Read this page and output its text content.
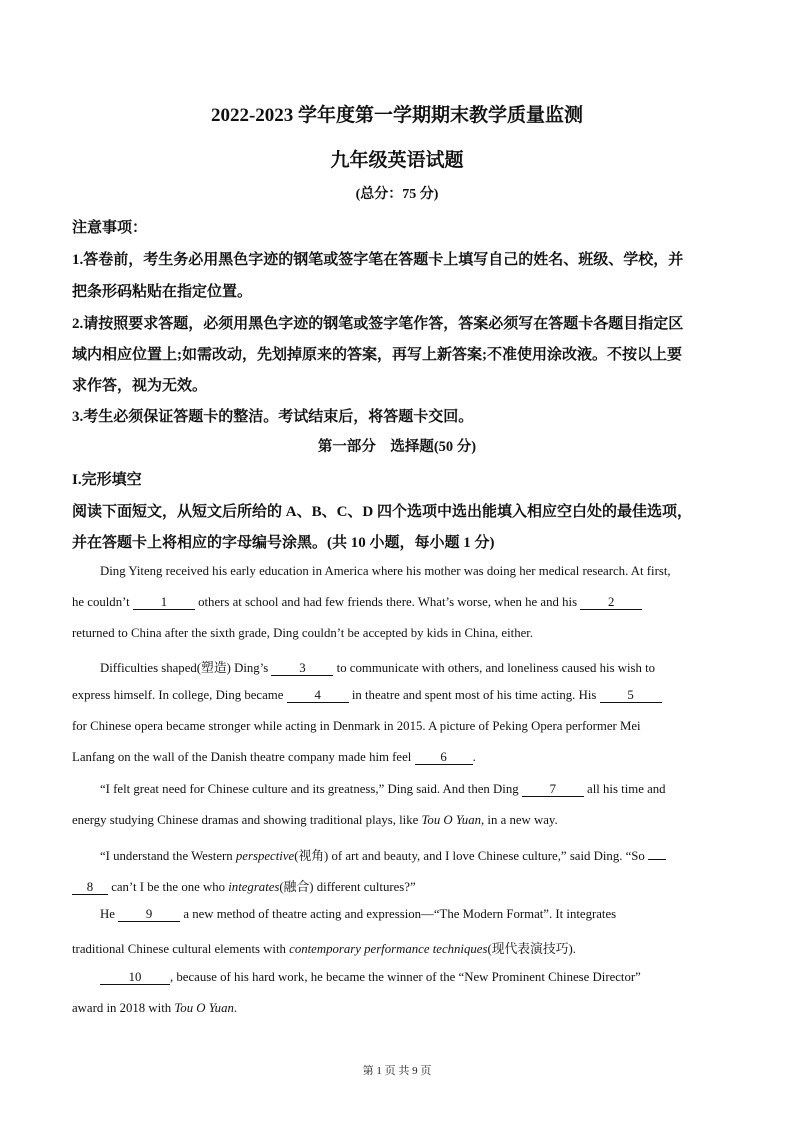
2022-2023 学年度第一学期期末教学质量监测
九年级英语试题
(总分：75 分)
注意事项：
1.答卷前，考生务必用黑色字迹的钢笔或签字笔在答题卡上填写自己的姓名、班级、学校，并
把条形码粘贴在指定位置。
2.请按照要求答题，必须用黑色字迹的钢笔或签字笔作答，答案必须写在答题卡各题目指定区
域内相应位置上;如需改动，先划掉原来的答案，再写上新答案;不准使用涂改液。不按以上要
求作答，视为无效。
3.考生必须保证答题卡的整洁。考试结束后，将答题卡交回。
第一部分　选择题(50 分)
I.完形填空
阅读下面短文，从短文后所给的 A、B、C、D 四个选项中选出能填入相应空白处的最佳选项，
并在答题卡上将相应的字母编号涂黑。(共 10 小题，每小题 1 分)
Ding Yiteng received his early education in America where his mother was doing her medical research. At first,
he couldn’t 1 others at school and had few friends there. What’s worse, when he and his 2
returned to China after the sixth grade, Ding couldn’t be accepted by kids in China, either.
Difficulties shaped(塑造) Ding’s 3 to communicate with others, and loneliness caused his wish to
express himself. In college, Ding became 4 in theatre and spent most of his time acting. His 5
for Chinese opera became stronger while acting in Denmark in 2015. A picture of Peking Opera performer Mei
Lanfang on the wall of the Danish theatre company made him feel 6 .
“I felt great need for Chinese culture and its greatness,” Ding said. And then Ding 7 all his time and
energy studying Chinese dramas and showing traditional plays, like Tou O Yuan, in a new way.
“I understand the Western perspective(视角) of art and beauty, and I love Chinese culture,” said Ding. “So
8 can’t I be the one who integrates(融合) different cultures?”
He 9 a new method of theatre acting and expression—“The Modern Format”. It integrates
traditional Chinese cultural elements with contemporary performance techniques(现代表演技巧).
10 , because of his hard work, he became the winner of the “New Prominent Chinese Director”
award in 2018 with Tou O Yuan.
第 1 页 共 9 页
